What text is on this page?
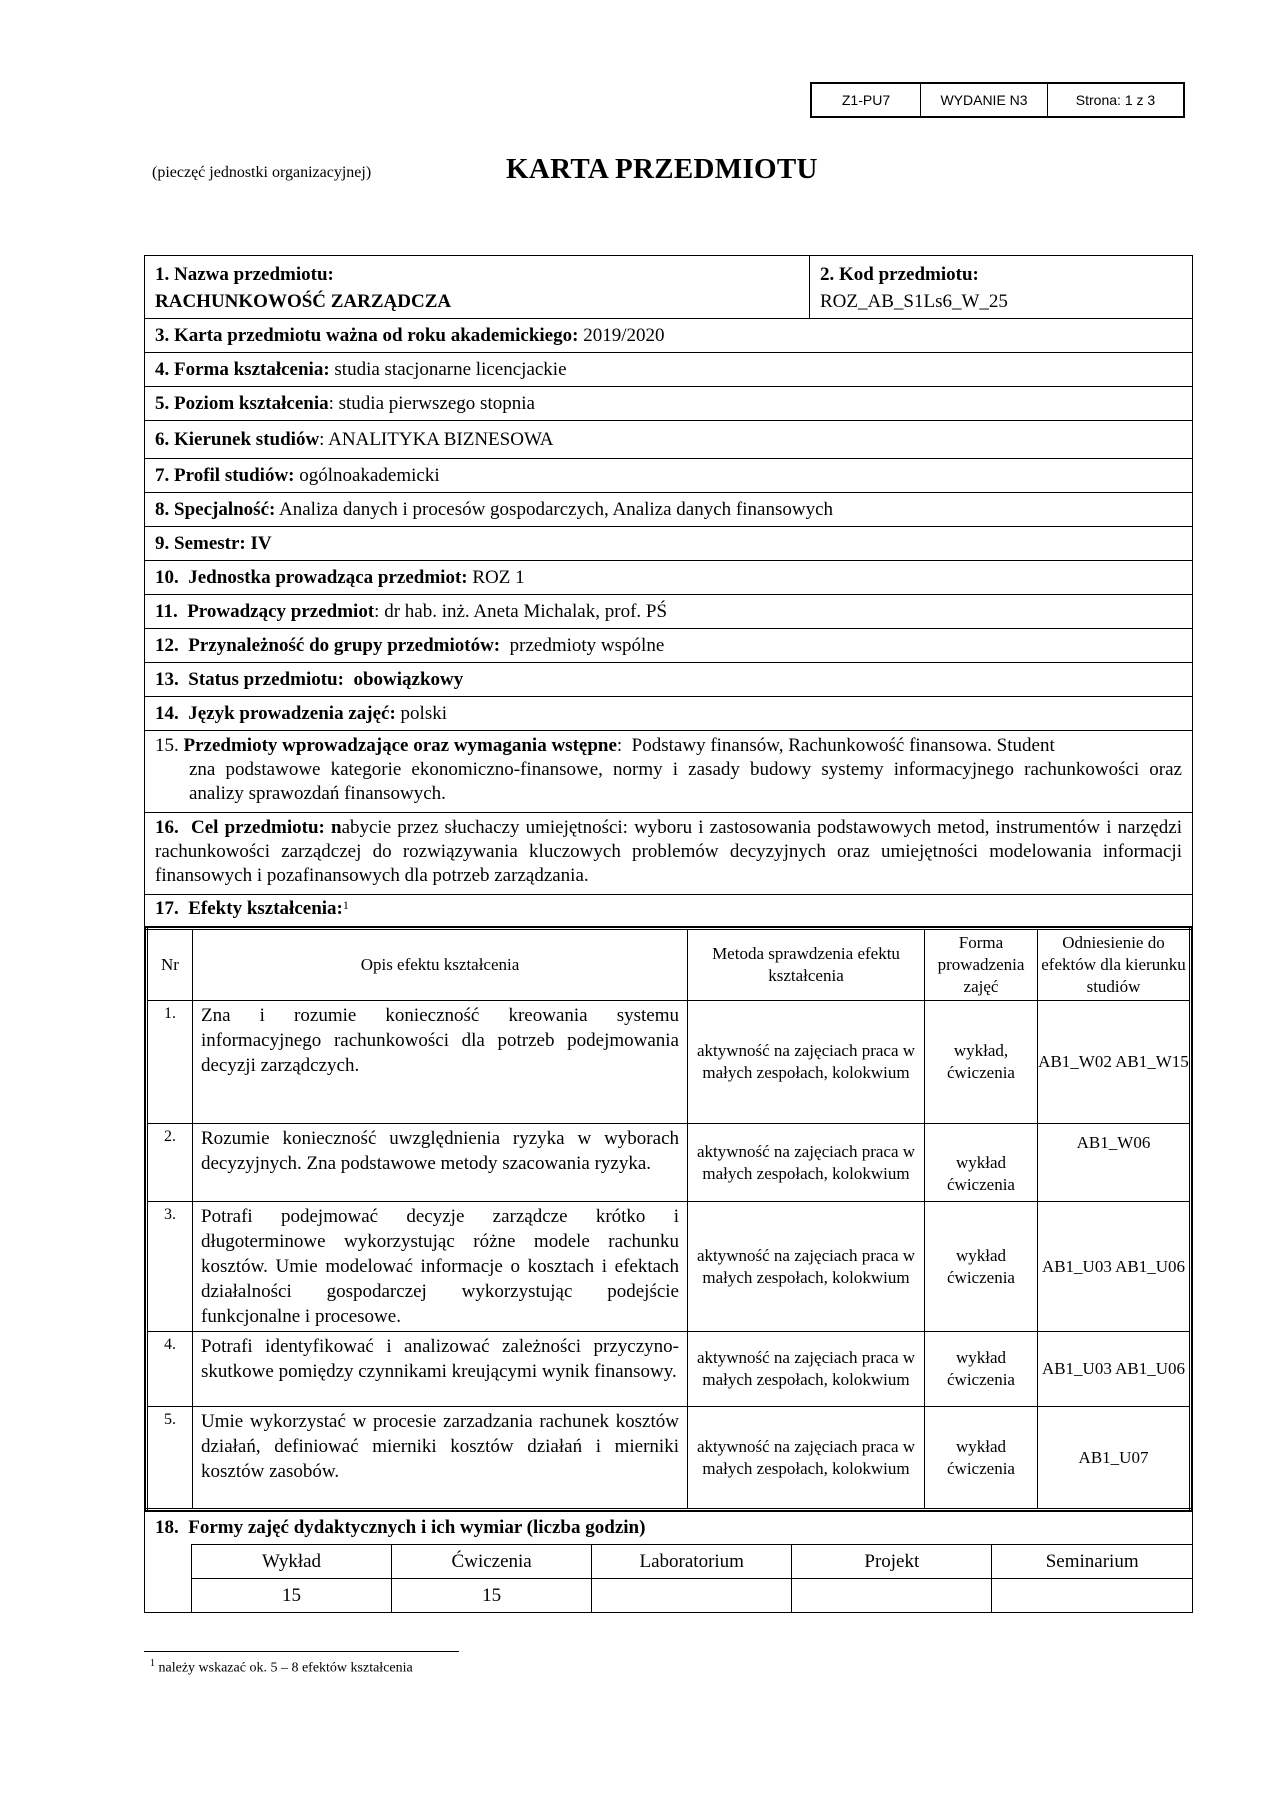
Z1-PU7	WYDANIE N3	Strona: 1 z 3
(pieczęć jednostki organizacyjnej)	KARTA PRZEDMIOTU
1. Nazwa przedmiotu:
RACHUNKOWOŚĆ ZARZĄDCZA
2. Kod przedmiotu:
ROZ_AB_S1Ls6_W_25
3. Karta przedmiotu ważna od roku akademickiego: 2019/2020
4. Forma kształcenia: studia stacjonarne licencjackie
5. Poziom kształcenia : studia pierwszego stopnia
6. Kierunek studiów : ANALITYKA BIZNESOWA
7. Profil studiów: ogólnoakademicki
8. Specjalność: Analiza danych i procesów gospodarczych, Analiza danych finansowych
9. Semestr: IV
10.  Jednostka prowadząca przedmiot: ROZ 1
11.  Prowadzący przedmiot : dr hab. inż. Aneta Michalak, prof. PŚ
12.  Przynależność do grupy przedmiotów: przedmioty wspólne
13.  Status przedmiotu:  obowiązkowy
14.  Język prowadzenia zajęć: polski
15. Przedmioty wprowadzające oraz wymagania wstępne:  Podstawy finansów, Rachunkowość finansowa. Student
zna podstawowe kategorie ekonomiczno-finansowe, normy i zasady budowy systemy informacyjnego rachunkowości oraz analizy sprawozdań finansowych.
16.  Cel przedmiotu: nabycie przez słuchaczy umiejętności: wyboru i zastosowania podstawowych metod, instrumentów i narzędzi rachunkowości zarządczej do rozwiązywania kluczowych problemów decyzyjnych oraz umiejętności modelowania informacji finansowych i pozafinansowych dla potrzeb zarządzania.
17.  Efekty kształcenia: 1
Nr	Opis efektu kształcenia	Metoda sprawdzenia efektu kształcenia	Forma prowadzenia zajęć	Odniesienie do efektów dla kierunku studiów
1.	Zna i rozumie konieczność kreowania systemu informacyjnego rachunkowości dla potrzeb podejmowania decyzji zarządczych.	aktywność na zajęciach praca w małych zespołach, kolokwium	wykład, ćwiczenia	AB1_W02 AB1_W15
2.	Rozumie konieczność uwzględnienia ryzyka w wyborach decyzyjnych. Zna podstawowe metody szacowania ryzyka.	aktywność na zajęciach praca w małych zespołach, kolokwium	wykład ćwiczenia	AB1_W06
3.	Potrafi podejmować decyzje zarządcze krótko i długoterminowe wykorzystując różne modele rachunku kosztów. Umie modelować informacje o kosztach i efektach działalności gospodarczej wykorzystując podejście funkcjonalne i procesowe.	aktywność na zajęciach praca w małych zespołach, kolokwium	wykład ćwiczenia	AB1_U03 AB1_U06
4.	Potrafi identyfikować i analizować zależności przyczyno-skutkowe pomiędzy czynnikami kreującymi wynik finansowy.	aktywność na zajęciach praca w małych zespołach, kolokwium	wykład ćwiczenia	AB1_U03 AB1_U06
5.	Umie wykorzystać w procesie zarzadzania rachunek kosztów działań, definiować mierniki kosztów działań i mierniki kosztów zasobów.	aktywność na zajęciach praca w małych zespołach, kolokwium	wykład ćwiczenia	AB1_U07
18.  Formy zajęć dydaktycznych i ich wymiar (liczba godzin)
Wykład	Ćwiczenia	Laboratorium	Projekt	Seminarium
15	15			
$^1$ należy wskazać ok. 5 – 8 efektów kształcenia
